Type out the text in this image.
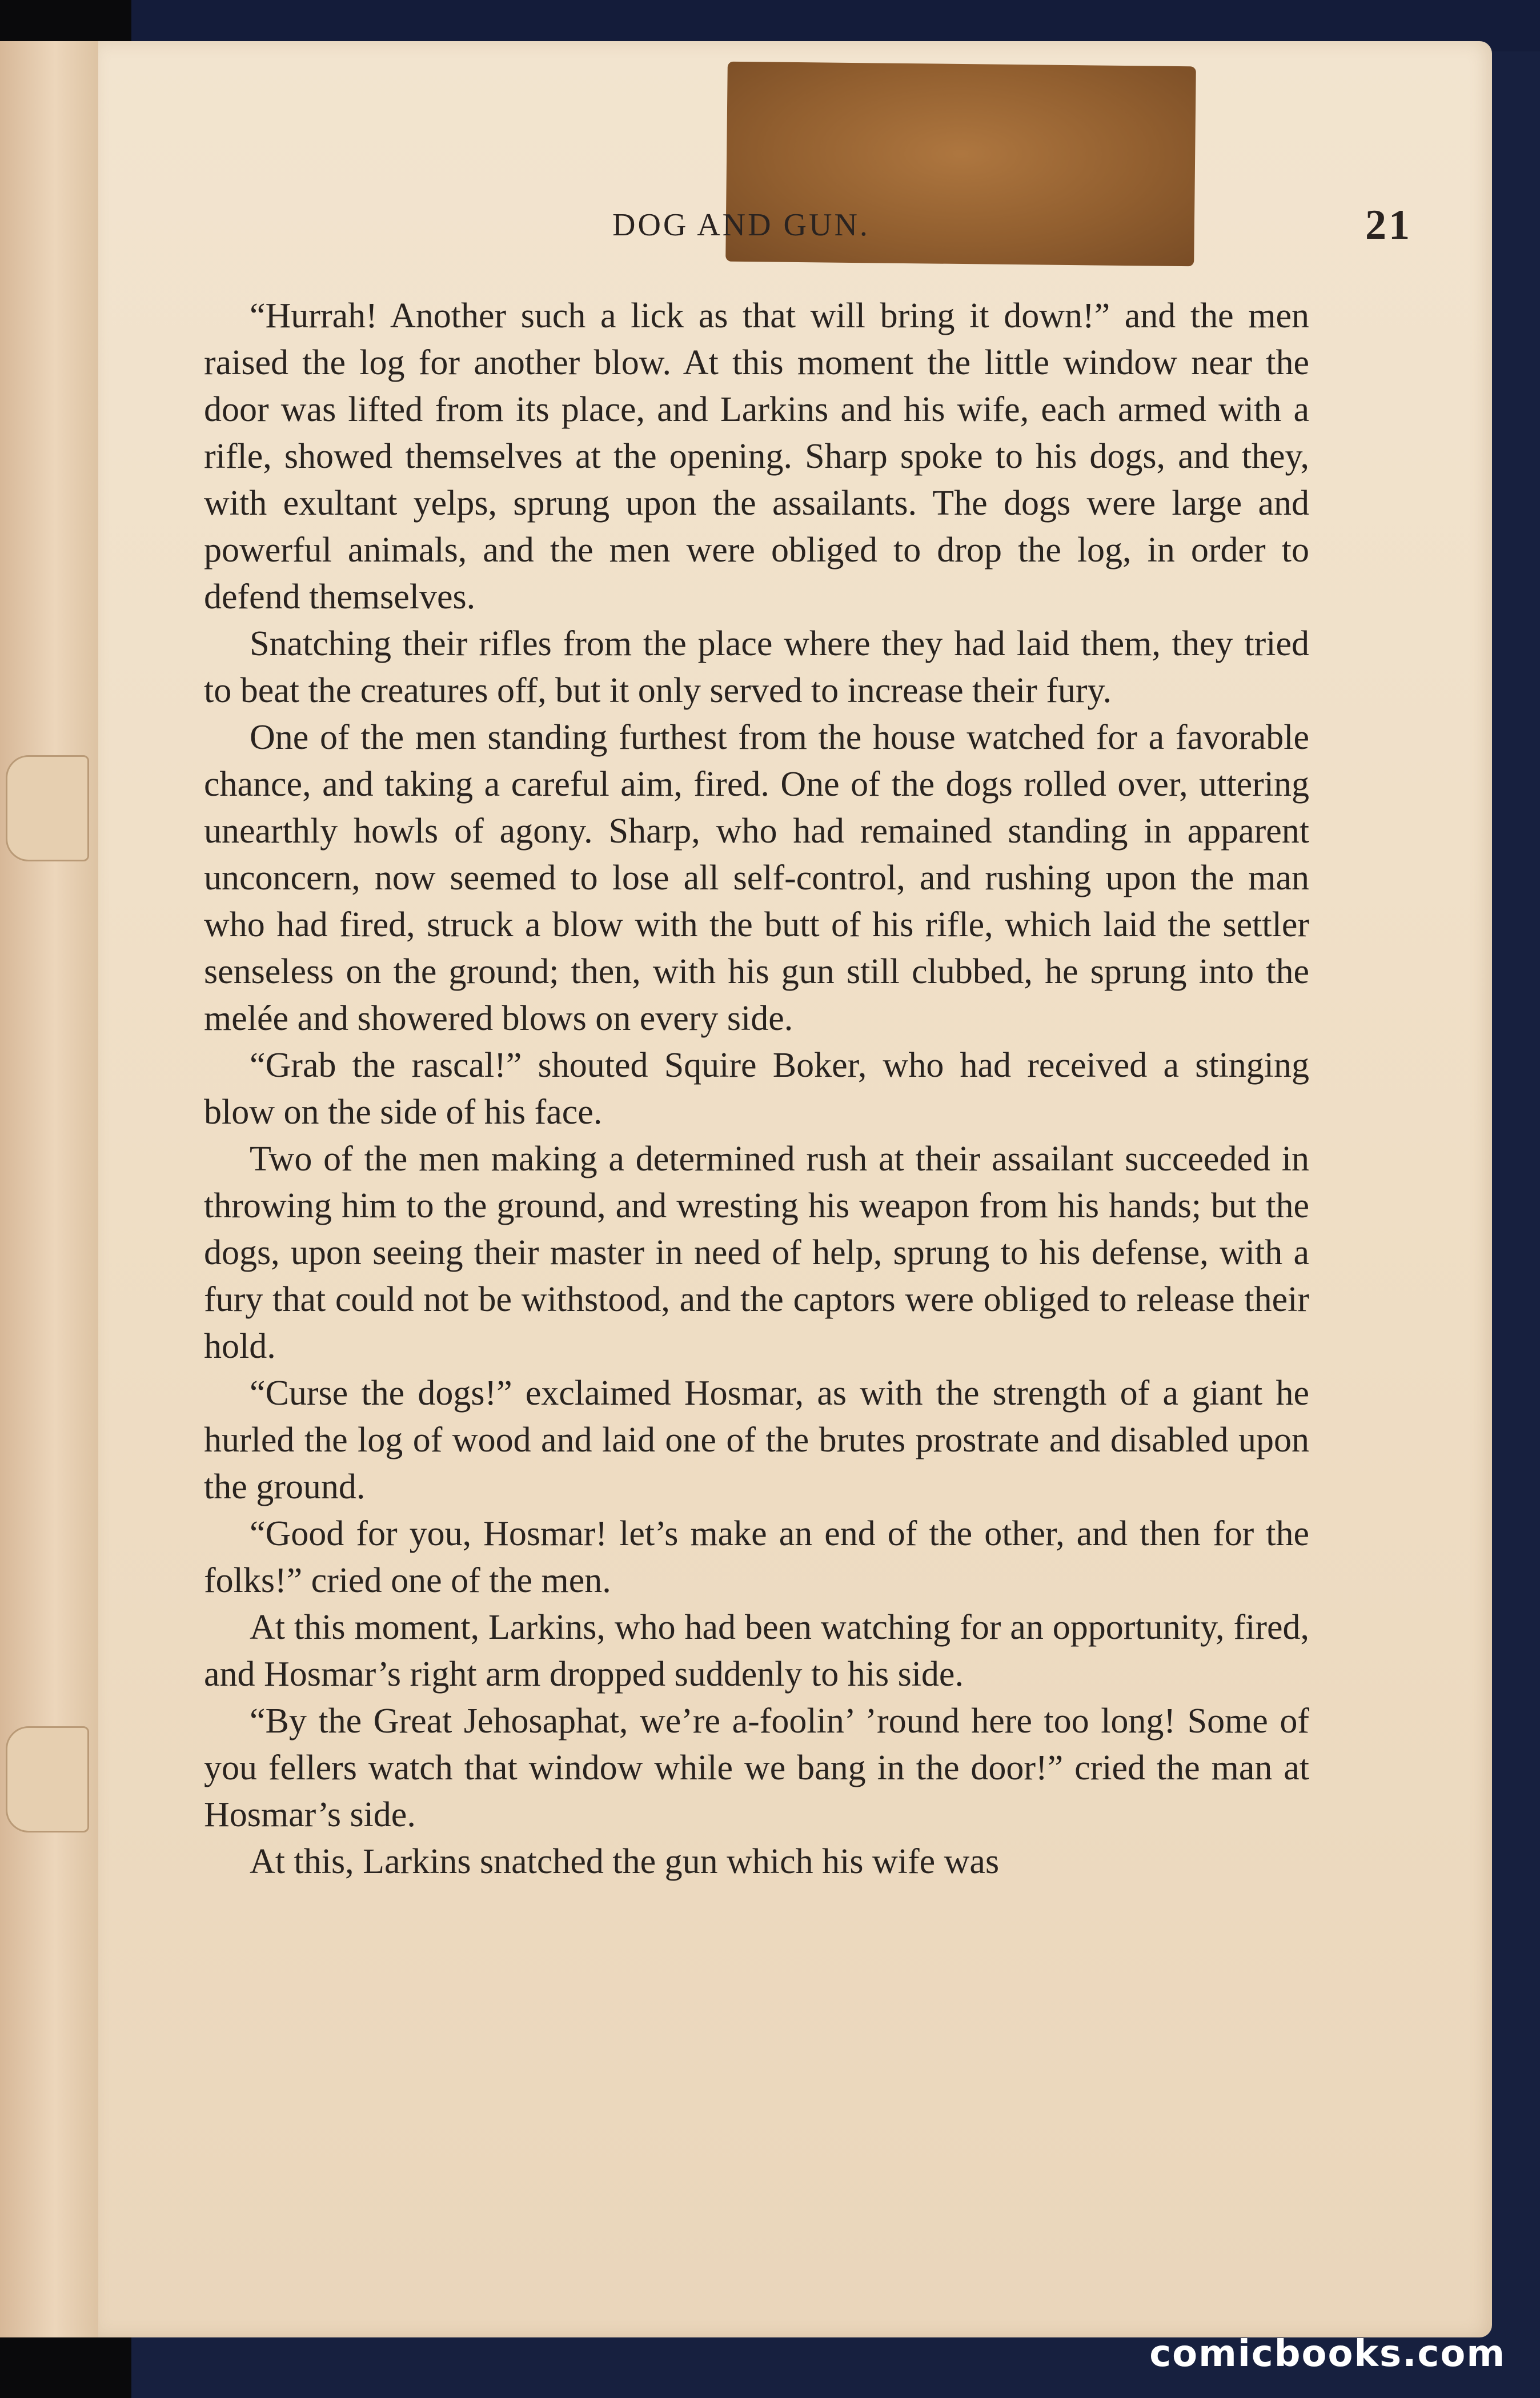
DOG AND GUN.	21

“Hurrah! Another such a lick as that will bring it down!” and the men raised the log for another blow. At this moment the little window near the door was lifted from its place, and Larkins and his wife, each armed with a rifle, showed themselves at the opening. Sharp spoke to his dogs, and they, with exultant yelps, sprung upon the assailants. The dogs were large and powerful animals, and the men were obliged to drop the log, in order to defend themselves.

Snatching their rifles from the place where they had laid them, they tried to beat the creatures off, but it only served to increase their fury.

One of the men standing furthest from the house watched for a favorable chance, and taking a careful aim, fired. One of the dogs rolled over, uttering unearthly howls of agony. Sharp, who had remained standing in apparent unconcern, now seemed to lose all self-control, and rushing upon the man who had fired, struck a blow with the butt of his rifle, which laid the settler senseless on the ground; then, with his gun still clubbed, he sprung into the melée and showered blows on every side.

“Grab the rascal!” shouted Squire Boker, who had received a stinging blow on the side of his face.

Two of the men making a determined rush at their assailant succeeded in throwing him to the ground, and wresting his weapon from his hands; but the dogs, upon seeing their master in need of help, sprung to his defense, with a fury that could not be withstood, and the captors were obliged to release their hold.

“Curse the dogs!” exclaimed Hosmar, as with the strength of a giant he hurled the log of wood and laid one of the brutes prostrate and disabled upon the ground.

“Good for you, Hosmar! let’s make an end of the other, and then for the folks!” cried one of the men.

At this moment, Larkins, who had been watching for an opportunity, fired, and Hosmar’s right arm dropped suddenly to his side.

“By the Great Jehosaphat, we’re a-foolin’ ’round here too long! Some of you fellers watch that window while we bang in the door!” cried the man at Hosmar’s side.

At this, Larkins snatched the gun which his wife was

comicbooks.com
